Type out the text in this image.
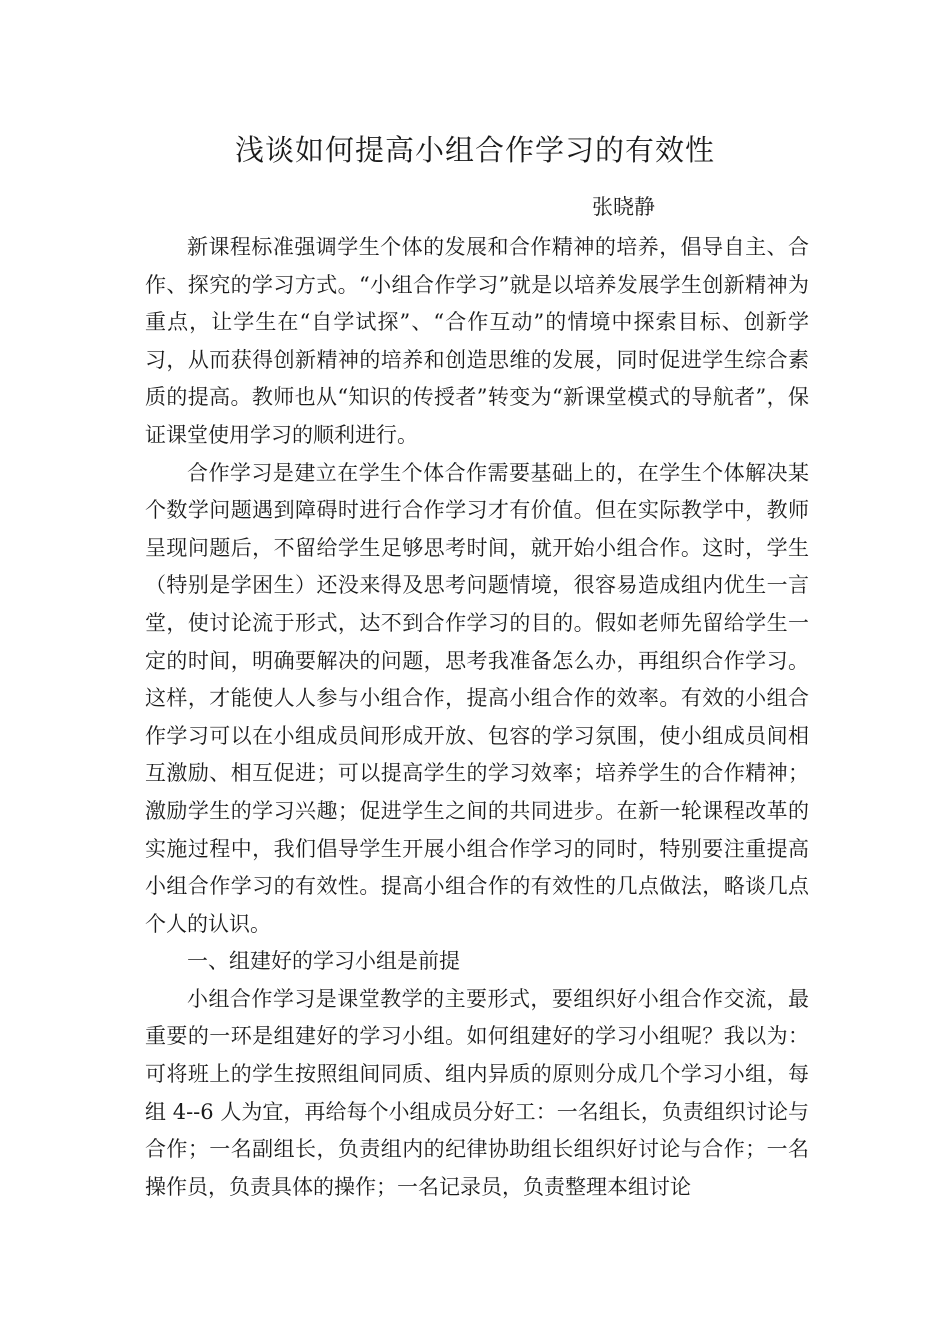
浅谈如何提高小组合作学习的有效性

张晓静

新课程标准强调学生个体的发展和合作精神的培养，倡导自主、合作、探究的学习方式。“小组合作学习”就是以培养发展学生创新精神为重点，让学生在“自学试探”、“合作互动”的情境中探索目标、创新学习，从而获得创新精神的培养和创造思维的发展，同时促进学生综合素质的提高。教师也从“知识的传授者”转变为“新课堂模式的导航者”，保证课堂使用学习的顺利进行。

合作学习是建立在学生个体合作需要基础上的，在学生个体解决某个数学问题遇到障碍时进行合作学习才有价值。但在实际教学中，教师呈现问题后，不留给学生足够思考时间，就开始小组合作。这时，学生（特别是学困生）还没来得及思考问题情境，很容易造成组内优生一言堂，使讨论流于形式，达不到合作学习的目的。假如老师先留给学生一定的时间，明确要解决的问题，思考我准备怎么办，再组织合作学习。这样，才能使人人参与小组合作，提高小组合作的效率。有效的小组合作学习可以在小组成员间形成开放、包容的学习氛围，使小组成员间相互激励、相互促进；可以提高学生的学习效率；培养学生的合作精神；激励学生的学习兴趣；促进学生之间的共同进步。在新一轮课程改革的实施过程中，我们倡导学生开展小组合作学习的同时，特别要注重提高小组合作学习的有效性。提高小组合作的有效性的几点做法，略谈几点个人的认识。

一、组建好的学习小组是前提

小组合作学习是课堂教学的主要形式，要组织好小组合作交流，最重要的一环是组建好的学习小组。如何组建好的学习小组呢？我以为：可将班上的学生按照组间同质、组内异质的原则分成几个学习小组，每组 4--6 人为宜，再给每个小组成员分好工：一名组长，负责组织讨论与合作；一名副组长，负责组内的纪律协助组长组织好讨论与合作；一名操作员，负责具体的操作；一名记录员，负责整理本组讨论
